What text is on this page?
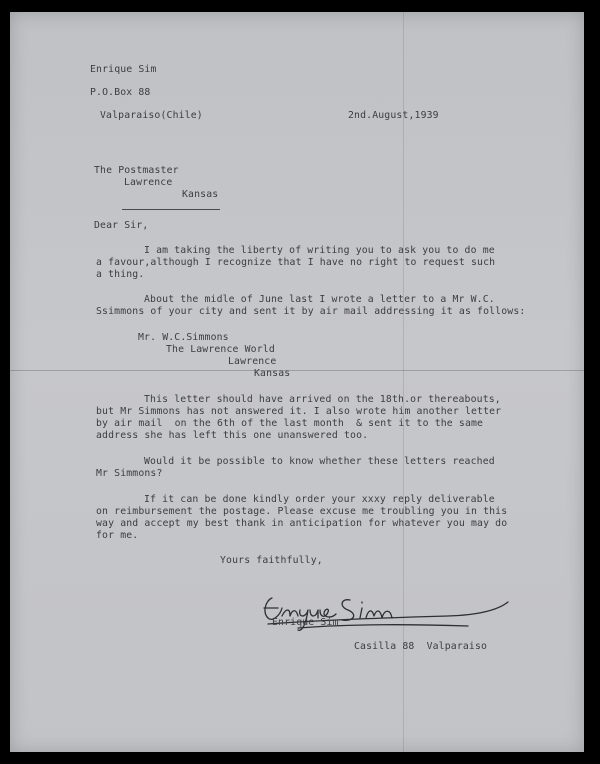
Enrique Sim

P.O.Box 88

Valparaiso(Chile)	2nd.August,1939

The Postmaster

Lawrence

Kansas

Dear Sir,

I am taking the liberty of writing you to ask you to do me

a favour,although I recognize that I have no right to request such

a thing.

About the midle of June last I wrote a letter to a Mr W.C.

Ssimmons of your city and sent it by air mail addressing it as follows:

Mr. W.C.Simmons

The Lawrence World

Lawrence

Kansas

This letter should have arrived on the 18th.or thereabouts,

but Mr Simmons has not answered it. I also wrote him another letter

by air mail  on the 6th of the last month  & sent it to the same

address she has left this one unanswered too.

Would it be possible to know whether these letters reached

Mr Simmons?

If it can be done kindly order your xxxy reply deliverable

on reimbursement the postage. Please excuse me troubling you in this

way and accept my best thank in anticipation for whatever you may do

for me.

Yours faithfully,

Enrique Sim

Casilla 88  Valparaiso
